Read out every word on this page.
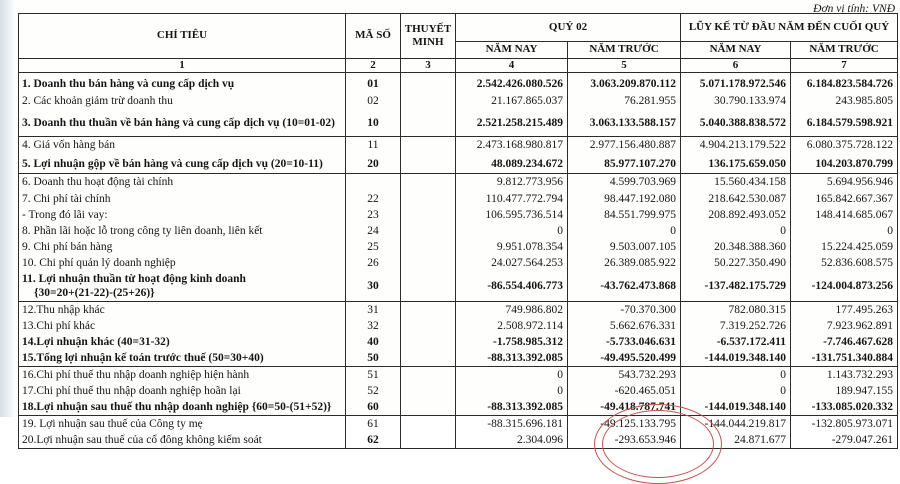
Đơn vị tính: VNĐ
CHỈ TIÊU	MÃ SỐ	THUYẾT MINH	QUÝ 02		LŨY KẾ TỪ ĐẦU NĂM ĐẾN CUỐI QUÝ	
			NĂM NAY	NĂM TRƯỚC	NĂM NAY	NĂM TRƯỚC
1	2	3	4	5	6	7
1. Doanh thu bán hàng và cung cấp dịch vụ	01		2.542.426.080.526	3.063.209.870.112	5.071.178.972.546	6.184.823.584.726
2. Các khoản giảm trừ doanh thu	02		21.167.865.037	76.281.955	30.790.133.974	243.985.805
3. Doanh thu thuần về bán hàng và cung cấp dịch vụ (10=01-02)	10		2.521.258.215.489	3.063.133.588.157	5.040.388.838.572	6.184.579.598.921
4. Giá vốn hàng bán	11		2.473.168.980.817	2.977.156.480.887	4.904.213.179.522	6.080.375.728.122
5. Lợi nhuận gộp về bán hàng và cung cấp dịch vụ (20=10-11)	20		48.089.234.672	85.977.107.270	136.175.659.050	104.203.870.799
6. Doanh thu hoạt động tài chính			9.812.773.956	4.599.703.969	15.560.434.158	5.694.956.946
7. Chi phí tài chính	22		110.477.772.794	98.447.192.080	218.642.530.087	165.842.667.367
- Trong đó lãi vay:	23		106.595.736.514	84.551.799.975	208.892.493.052	148.414.685.067
8. Phần lãi hoặc lỗ trong công ty liên doanh, liên kết	24		0	0	0	0
9. Chi phí bán hàng	25		9.951.078.354	9.503.007.105	20.348.388.360	15.224.425.059
10. Chi phí quản lý doanh nghiệp	26		24.027.564.253	26.389.085.922	50.227.350.490	52.836.608.575
11. Lợi nhuận thuần từ hoạt động kinh doanh
{30=20+(21-22)-(25+26)}	30		-86.554.406.773	-43.762.473.868	-137.482.175.729	-124.004.873.256
12.Thu nhập khác	31		749.986.802	-70.370.300	782.080.315	177.495.263
13.Chi phí khác	32		2.508.972.114	5.662.676.331	7.319.252.726	7.923.962.891
14.Lợi nhuận khác (40=31-32)	40		-1.758.985.312	-5.733.046.631	-6.537.172.411	-7.746.467.628
15.Tổng lợi nhuận kế toán trước thuế (50=30+40)	50		-88.313.392.085	-49.495.520.499	-144.019.348.140	-131.751.340.884
16.Chi phí thuế thu nhập doanh nghiệp hiện hành	51		0	543.732.293	0	1.143.732.293
17.Chi phí thuế thu nhập doanh nghiệp hoãn lại	52		0	-620.465.051	0	189.947.155
18.Lợi nhuận sau thuế thu nhập doanh nghiệp {60=50-(51+52)}	60		-88.313.392.085	-49.418.787.741	-144.019.348.140	-133.085.020.332
19. Lợi nhuận sau thuế của Công ty mẹ	61		-88.315.696.181	-49.125.133.795	-144.044.219.817	-132.805.973.071
20.Lợi nhuận sau thuế của cổ đông không kiểm soát	62		2.304.096	-293.653.946	24.871.677	-279.047.261
